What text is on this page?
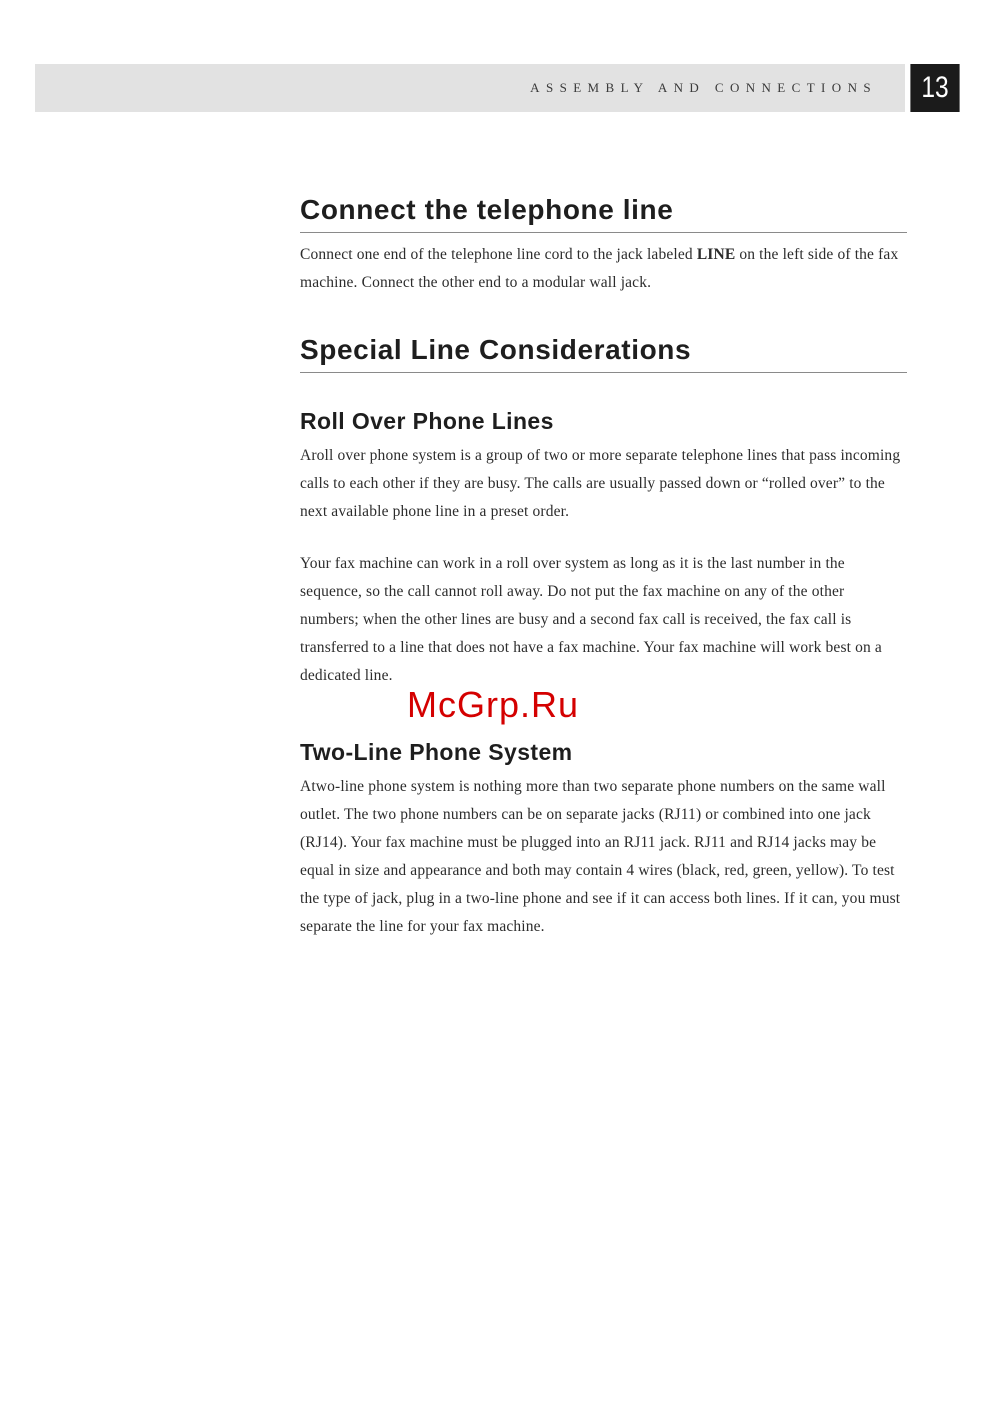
ASSEMBLY AND CONNECTIONS	13
Connect the telephone line

Connect one end of the telephone line cord to the jack labeled LINE on the left side of the fax machine. Connect the other end to a modular wall jack.

Special Line Considerations
Roll Over Phone Lines

Aroll over phone system is a group of two or more separate telephone lines that pass incoming calls to each other if they are busy. The calls are usually passed down or “rolled over” to the next available phone line in a preset order.

Your fax machine can work in a roll over system as long as it is the last number in the sequence, so the call cannot roll away. Do not put the fax machine on any of the other numbers; when the other lines are busy and a second fax call is received, the fax call is transferred to a line that does not have a fax machine. Your fax machine will work best on a dedicated line.

Two-Line Phone System

Atwo-line phone system is nothing more than two separate phone numbers on the same wall outlet. The two phone numbers can be on separate jacks (RJ11) or combined into one jack (RJ14). Your fax machine must be plugged into an RJ11 jack. RJ11 and RJ14 jacks may be equal in size and appearance and both may contain 4 wires (black, red, green, yellow). To test the type of jack, plug in a two-line phone and see if it can access both lines. If it can, you must separate the line for your fax machine.

McGrp.Ru
